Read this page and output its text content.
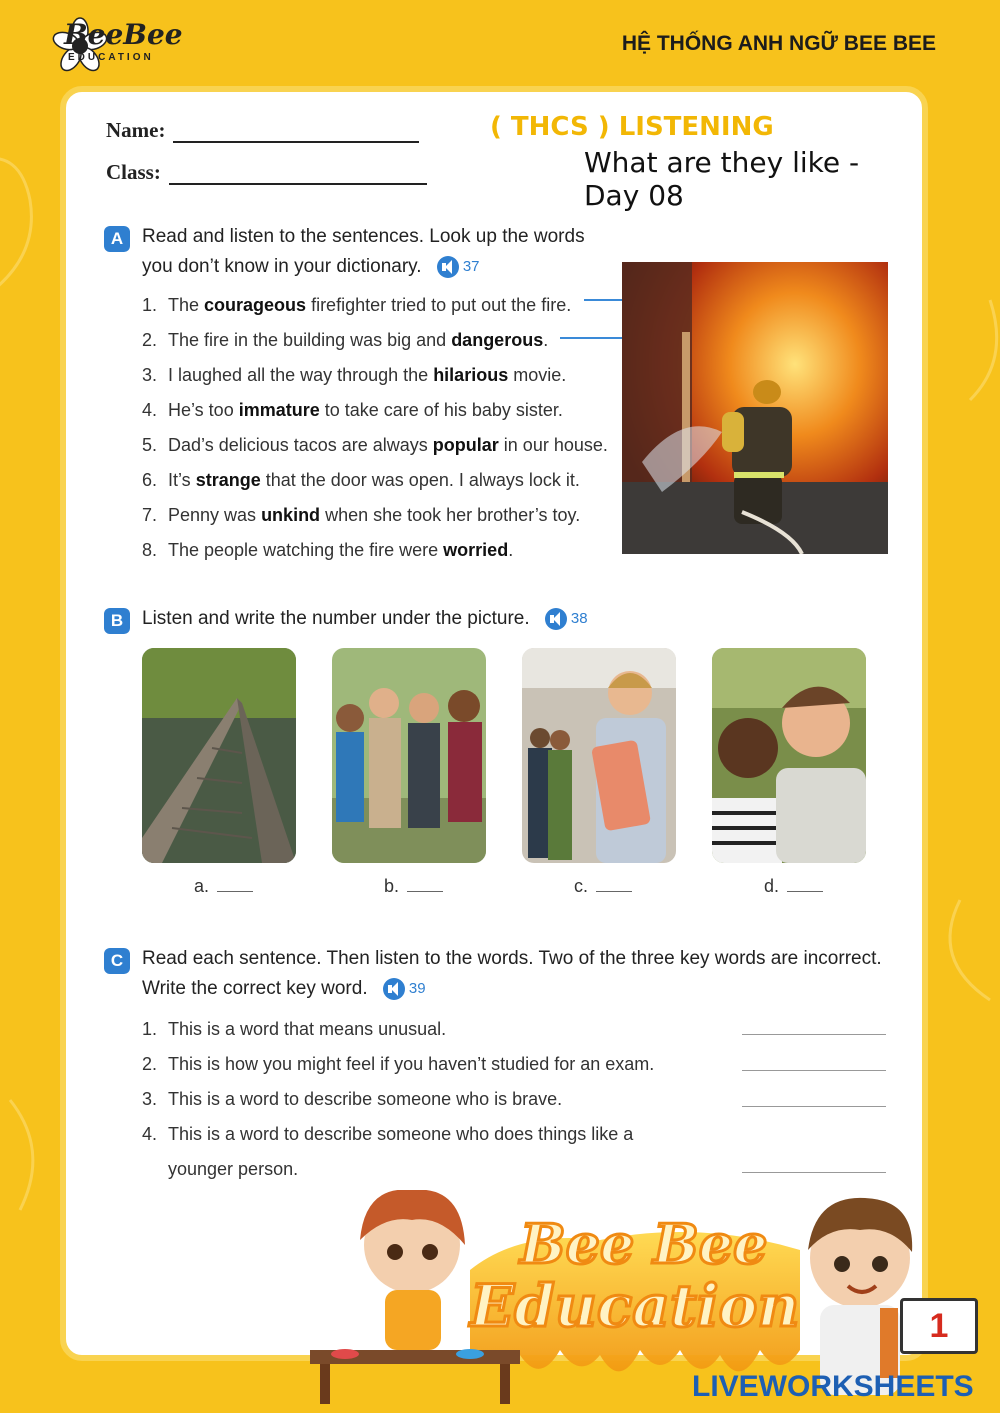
BeeBee
EDUCATION
HỆ THỐNG ANH NGỮ BEE BEE
Name:
Class:
( THCS ) LISTENING
What are they like - Day 08
A Read and listen to the sentences. Look up the words
you don’t know in your dictionary.	37
1. The courageous firefighter tried to put out the fire.
2. The fire in the building was big and dangerous.
3. I laughed all the way through the hilarious movie.
4. He’s too immature to take care of his baby sister.
5. Dad’s delicious tacos are always popular in our house.
6. It’s strange that the door was open. I always lock it.
7. Penny was unkind when she took her brother’s toy.
8. The people watching the fire were worried.
B Listen and write the number under the picture.	38
a.	b.	c.	d.
C Read each sentence. Then listen to the words. Two of the three key words are incorrect.
Write the correct key word.	39
1. This is a word that means unusual.
2. This is how you might feel if you haven’t studied for an exam.
3. This is a word to describe someone who is brave.
4. This is a word to describe someone who does things like a
younger person.
Bee Bee
Education	1
LIVEWORKSHEETS
